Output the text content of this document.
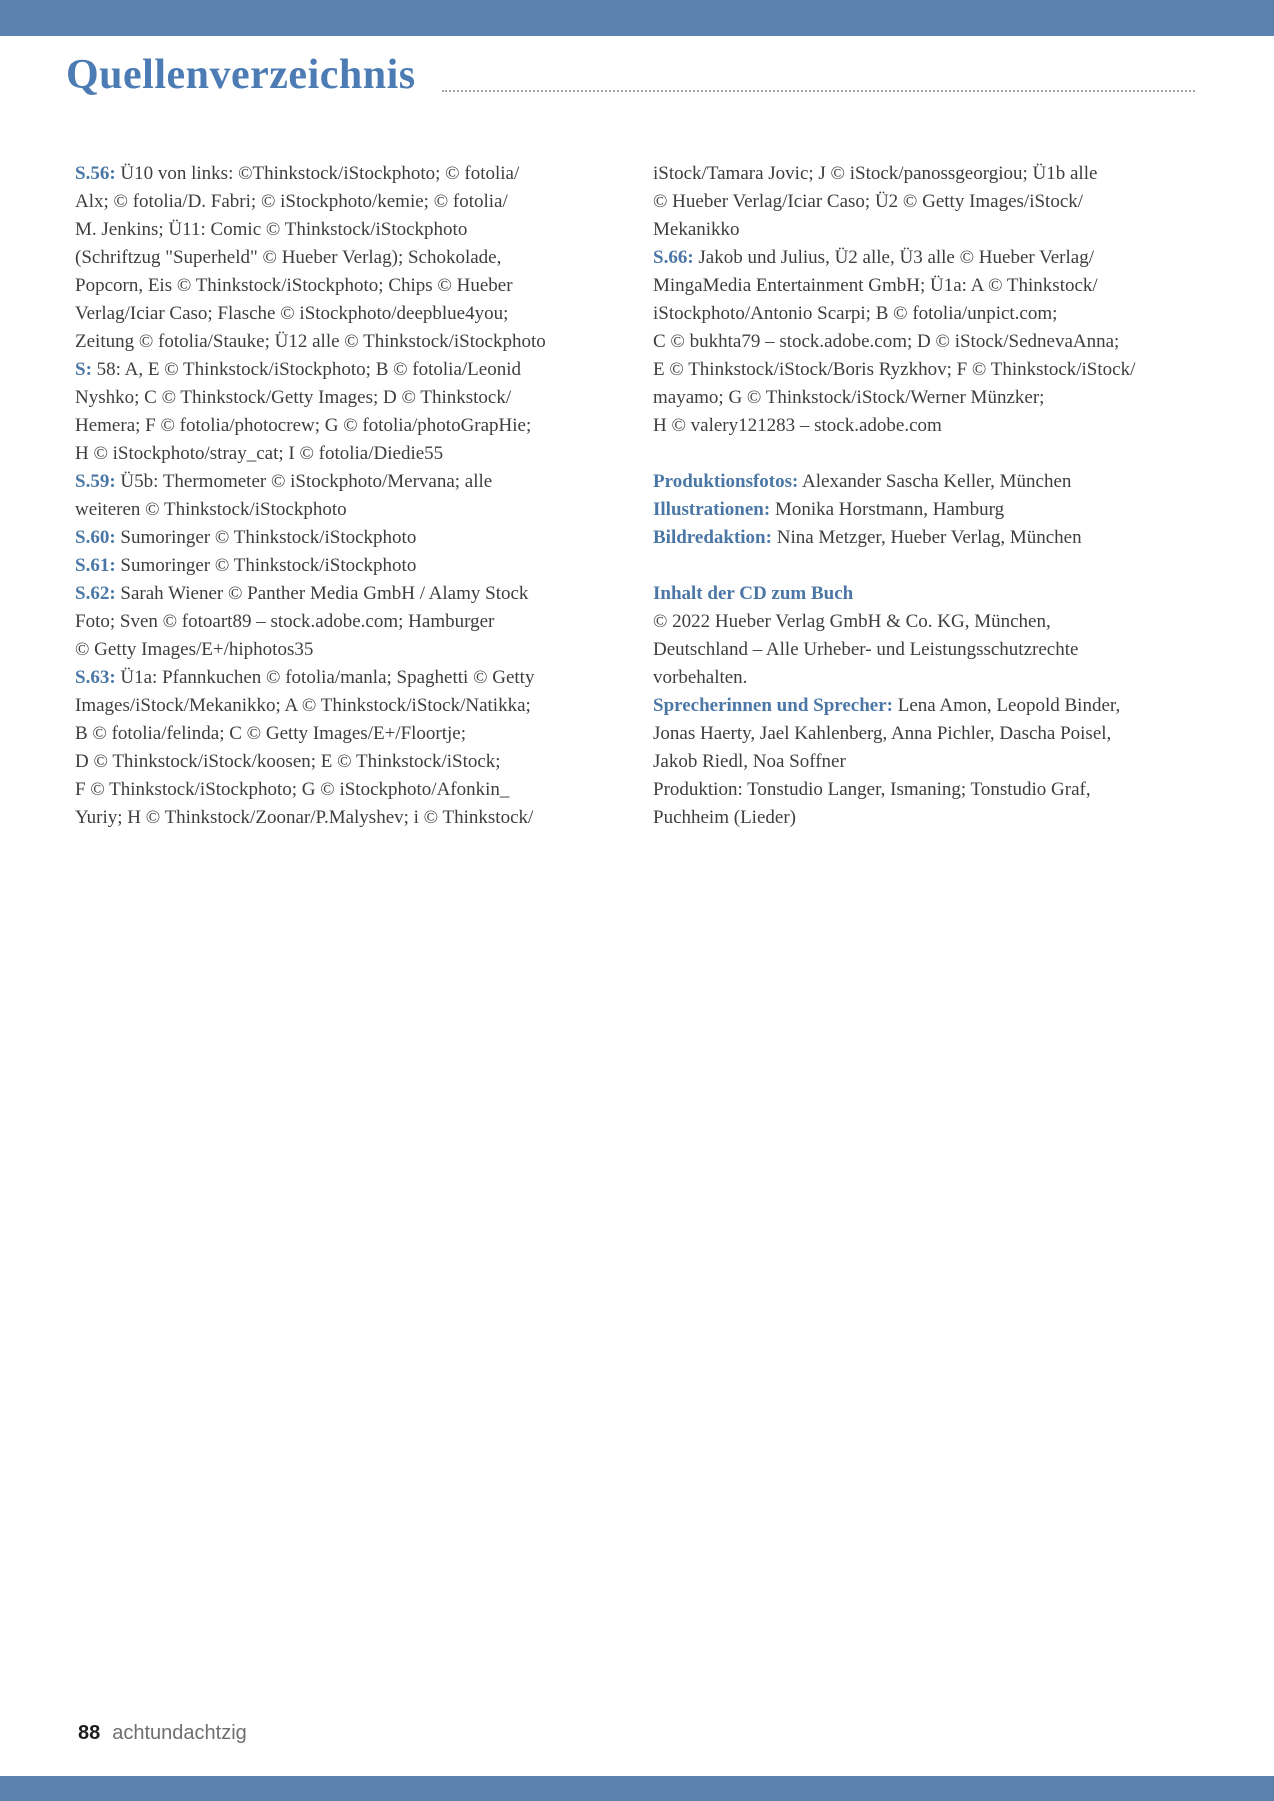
Quellenverzeichnis
S.56: Ü10 von links: ©Thinkstock/iStockphoto; © fotolia/
Alx; © fotolia/D. Fabri; © iStockphoto/kemie; © fotolia/
M. Jenkins; Ü11: Comic © Thinkstock/iStockphoto
(Schriftzug "Superheld" © Hueber Verlag); Schokolade,
Popcorn, Eis © Thinkstock/iStockphoto; Chips © Hueber
Verlag/Iciar Caso; Flasche © iStockphoto/deepblue4you;
Zeitung © fotolia/Stauke; Ü12 alle © Thinkstock/iStockphoto
S: 58: A, E © Thinkstock/iStockphoto; B © fotolia/Leonid
Nyshko; C © Thinkstock/Getty Images; D © Thinkstock/
Hemera; F © fotolia/photocrew; G © fotolia/photoGrapHie;
H © iStockphoto/stray_cat; I © fotolia/Diedie55
S.59: Ü5b: Thermometer © iStockphoto/Mervana; alle
weiteren © Thinkstock/iStockphoto
S.60: Sumoringer © Thinkstock/iStockphoto
S.61: Sumoringer © Thinkstock/iStockphoto
S.62: Sarah Wiener © Panther Media GmbH / Alamy Stock
Foto; Sven © fotoart89 – stock.adobe.com; Hamburger
© Getty Images/E+/hiphotos35
S.63: Ü1a: Pfannkuchen © fotolia/manla; Spaghetti © Getty
Images/iStock/Mekanikko; A © Thinkstock/iStock/Natikka;
B © fotolia/felinda; C © Getty Images/E+/Floortje;
D © Thinkstock/iStock/koosen; E © Thinkstock/iStock;
F © Thinkstock/iStockphoto; G © iStockphoto/Afonkin_
Yuriy; H © Thinkstock/Zoonar/P.Malyshev; i © Thinkstock/
iStock/Tamara Jovic; J © iStock/panossgeorgiou; Ü1b alle
© Hueber Verlag/Iciar Caso; Ü2 © Getty Images/iStock/
Mekanikko
S.66: Jakob und Julius, Ü2 alle, Ü3 alle © Hueber Verlag/
MingaMedia Entertainment GmbH; Ü1a: A © Thinkstock/
iStockphoto/Antonio Scarpi; B © fotolia/unpict.com;
C © bukhta79 – stock.adobe.com; D © iStock/SednevaAnna;
E © Thinkstock/iStock/Boris Ryzkhov; F © Thinkstock/iStock/
mayamo; G © Thinkstock/iStock/Werner Münzker;
H © valery121283 – stock.adobe.com
Produktionsfotos: Alexander Sascha Keller, München
Illustrationen: Monika Horstmann, Hamburg
Bildredaktion: Nina Metzger, Hueber Verlag, München
Inhalt der CD zum Buch
© 2022 Hueber Verlag GmbH & Co. KG, München,
Deutschland – Alle Urheber- und Leistungsschutzrechte
vorbehalten.
Sprecherinnen und Sprecher: Lena Amon, Leopold Binder,
Jonas Haerty, Jael Kahlenberg, Anna Pichler, Dascha Poisel,
Jakob Riedl, Noa Soffner
Produktion: Tonstudio Langer, Ismaning; Tonstudio Graf,
Puchheim (Lieder)
88 achtundachtzig
